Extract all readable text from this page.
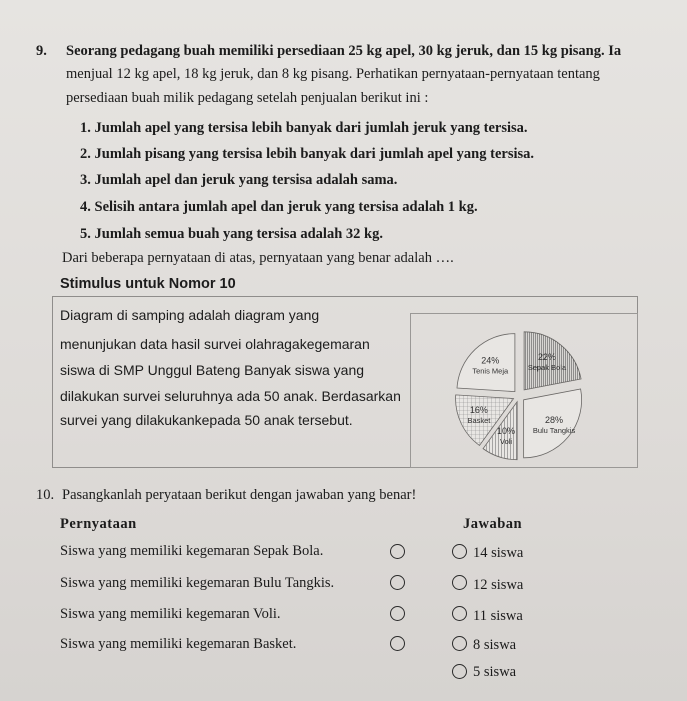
9. Seorang pedagang buah memiliki persediaan 25 kg apel, 30 kg jeruk, dan 15 kg pisang. Ia
menjual 12 kg apel, 18 kg jeruk, dan 8 kg pisang. Perhatikan pernyataan-pernyataan tentang
persediaan buah milik pedagang setelah penjualan berikut ini :
1. Jumlah apel yang tersisa lebih banyak dari jumlah jeruk yang tersisa.
2. Jumlah pisang yang tersisa lebih banyak dari jumlah apel yang tersisa.
3. Jumlah apel dan jeruk yang tersisa adalah sama.
4. Selisih antara jumlah apel dan jeruk yang tersisa adalah 1 kg.
5. Jumlah semua buah yang tersisa adalah 32 kg.
Dari beberapa pernyataan di atas, pernyataan yang benar adalah ….
Stimulus untuk Nomor 10
Diagram di samping adalah diagram yang
menunjukan data hasil survei olahragakegemaran
siswa di SMP Unggul Bateng Banyak siswa yang
dilakukan survei seluruhnya ada 50 anak. Berdasarkan
survei yang dilakukankepada 50 anak tersebut.
24%
Tenis Meja
22%
Sepak Bola
16%
Basket	28%
Bulu Tangkis
10%
Voli
10. Pasangkanlah peryataan berikut dengan jawaban yang benar!
Pernyataan	Jawaban
Siswa yang memiliki kegemaran Sepak Bola.
Siswa yang memiliki kegemaran Bulu Tangkis.
Siswa yang memiliki kegemaran Voli.
Siswa yang memiliki kegemaran Basket.
14 siswa
12 siswa
11 siswa
8 siswa
5 siswa
